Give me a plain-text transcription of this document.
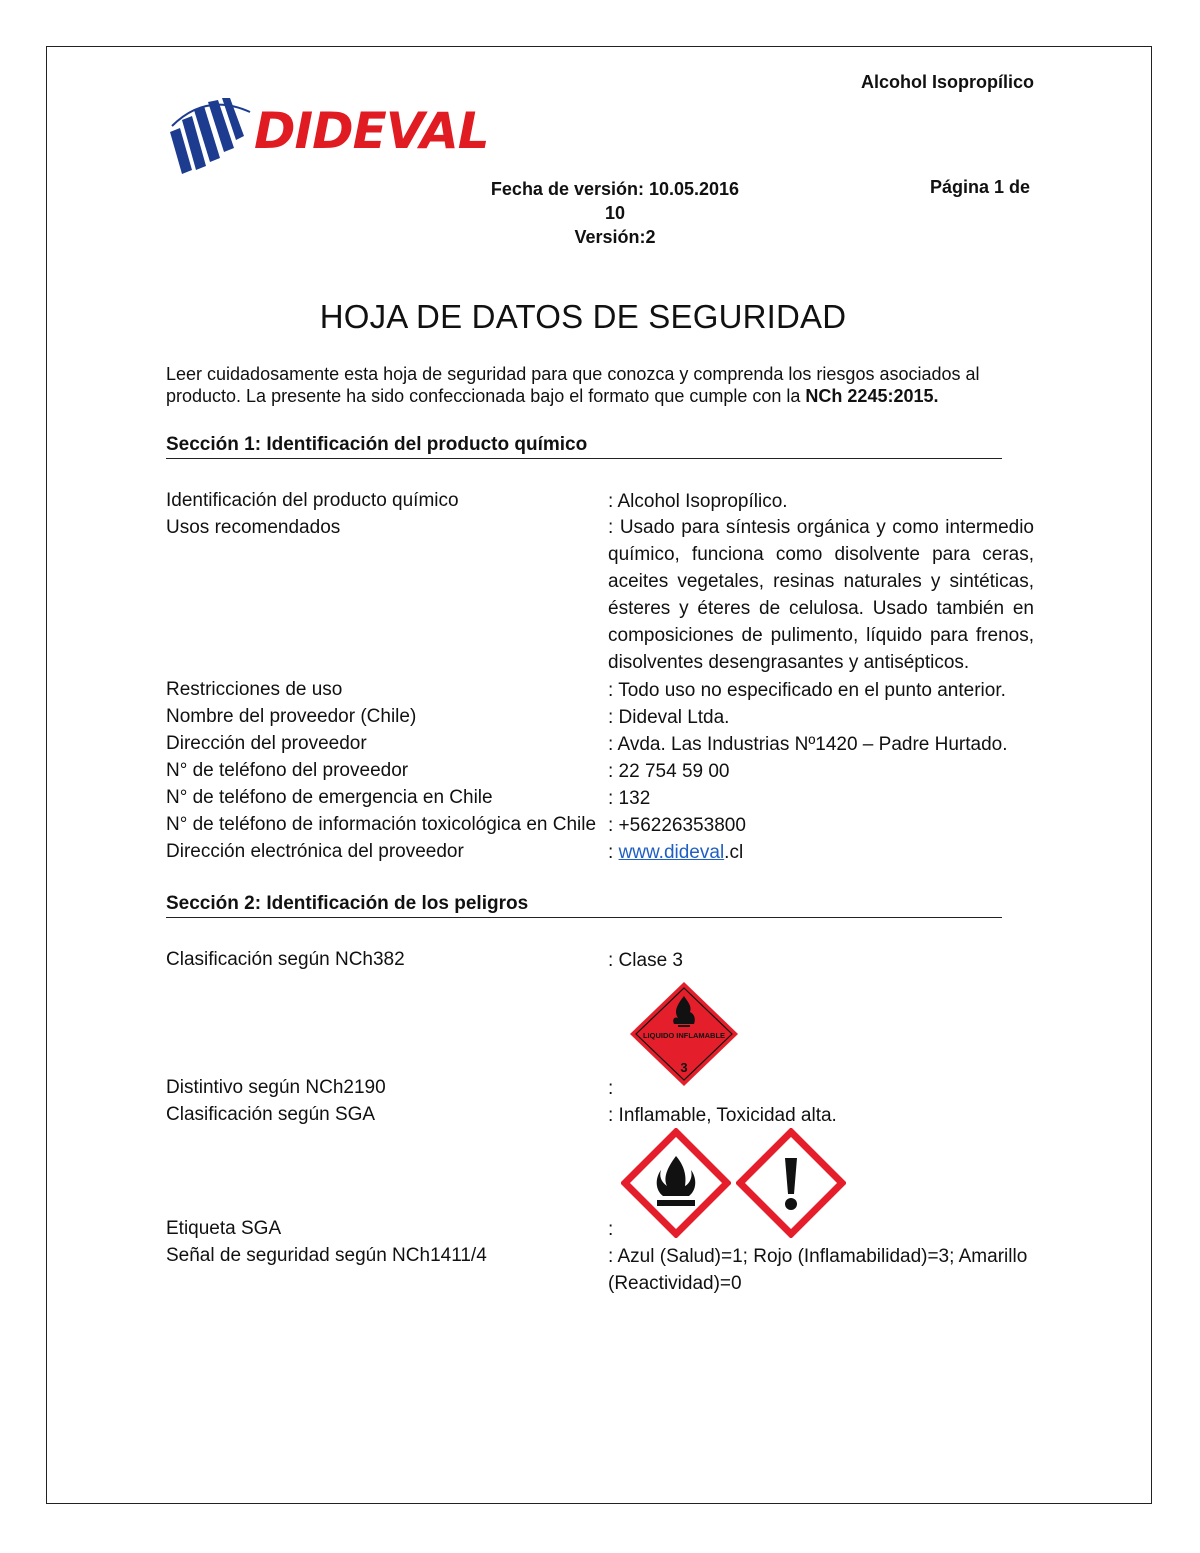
Alcohol Isopropílico
DIDEVAL
Fecha de versión: 10.05.2016
10
Versión:2
Página 1 de
HOJA DE DATOS DE SEGURIDAD
Leer cuidadosamente esta hoja de seguridad para que conozca y comprenda los riesgos asociados al producto. La presente ha sido confeccionada bajo el formato que cumple con la NCh 2245:2015.
Sección 1: Identificación del producto químico
Identificación del producto químico	: Alcohol Isopropílico.
Usos recomendados	: Usado para síntesis orgánica y como intermedio químico, funciona como disolvente para ceras, aceites vegetales, resinas naturales y sintéticas, ésteres y éteres de celulosa. Usado también en composiciones de pulimento, líquido para frenos, disolventes desengrasantes y antisépticos.
Restricciones de uso	: Todo uso no especificado en el punto anterior.
Nombre del proveedor (Chile)	: Dideval Ltda.
Dirección del proveedor	: Avda. Las Industrias Nº1420 – Padre Hurtado.
N° de teléfono del proveedor	: 22 754 59 00
N° de teléfono de emergencia en Chile	: 132
N° de teléfono de información toxicológica en Chile : +56226353800
Dirección electrónica del proveedor	: www.dideval.cl
Sección 2: Identificación de los peligros
Clasificación según NCh382	: Clase 3
LIQUIDO INFLAMABLE
3
Distintivo según NCh2190	:
Clasificación según SGA	: Inflamable, Toxicidad alta.
Etiqueta SGA	:
Señal de seguridad según NCh1411/4	: Azul (Salud)=1; Rojo (Inflamabilidad)=3; Amarillo (Reactividad)=0
